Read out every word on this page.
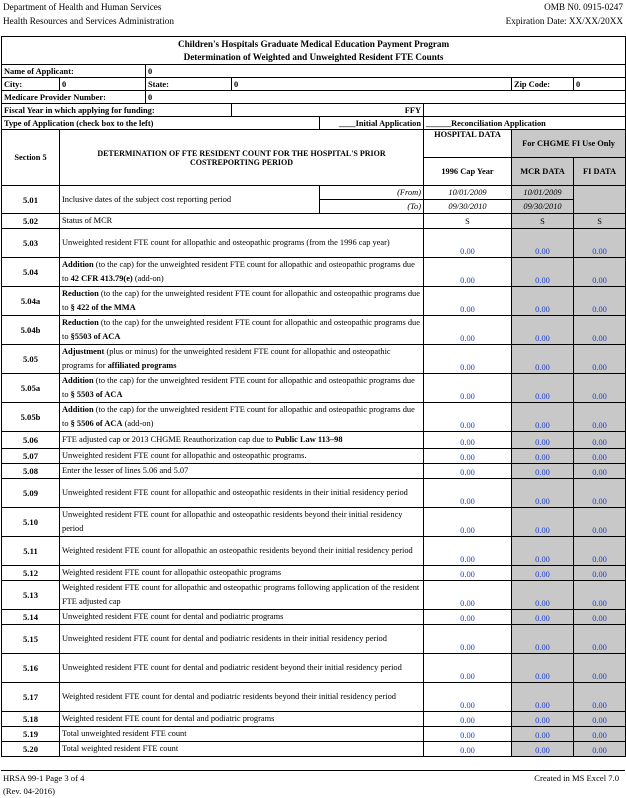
Department of Health and Human Services
Health Resources and Services Administration
OMB N0. 0915-0247
Expiration Date: XX/XX/20XX
Children's Hospitals Graduate Medical Education Payment Program
Determination of Weighted and Unweighted Resident FTE Counts							

Name of Applicant:		0					
City:	0	State:	0			Zip Code:	0
Medicare Provider Number:		0					
Fiscal Year in which applying for funding:			FFY				
Type of Application (check box to the left)				____Initial Application	______Reconciliation Application		
Section 5	DETERMINATION OF FTE RESIDENT COUNT FOR THE HOSPITAL'S PRIOR COSTREPORTING PERIOD				HOSPITAL DATA	For CHGME FI Use Only	
					1996 Cap Year	MCR DATA	FI DATA
5.01	Inclusive dates of the subject cost reporting period			(From)	10/01/2009	10/01/2009	
				(To)	09/30/2010	09/30/2010	
5.02	Status of MCR				S	S	S
5.03	Unweighted resident FTE count for allopathic and osteopathic programs (from the 1996 cap year)				0.00	0.00	0.00
5.04	Addition (to the cap) for the unweighted resident FTE count for allopathic and osteopathic programs due to 42 CFR 413.79(e) (add-on)				0.00	0.00	0.00
5.04a	Reduction (to the cap) for the unweighted resident FTE count for allopathic and osteopathic programs due to § 422 of the MMA				0.00	0.00	0.00
5.04b	Reduction (to the cap) for the unweighted resident FTE count for allopathic and osteopathic programs due to §5503 of ACA				0.00	0.00	0.00
5.05	Adjustment (plus or minus) for the unweighted resident FTE count for allopathic and osteopathic programs for affiliated programs				0.00	0.00	0.00
5.05a	Addition (to the cap) for the unweighted resident FTE count for allopathic and osteopathic programs due to § 5503 of ACA				0.00	0.00	0.00
5.05b	Addition (to the cap) for the unweighted resident FTE count for allopathic and osteopathic programs due to § 5506 of ACA (add-on)				0.00	0.00	0.00
5.06	FTE adjusted cap or 2013 CHGME Reauthorization cap due to Public Law 113–98				0.00	0.00	0.00
5.07	Unweighted resident FTE count for allopathic and osteopathic programs.				0.00	0.00	0.00
5.08	Enter the lesser of lines 5.06 and 5.07				0.00	0.00	0.00
5.09	Unweighted resident FTE count for allopathic and osteopathic residents in their initial residency period				0.00	0.00	0.00
5.10	Unweighted resident FTE count for allopathic and osteopathic residents beyond their initial residency period				0.00	0.00	0.00
5.11	Weighted resident FTE count for allopathic an osteopathic residents beyond their initial residency period				0.00	0.00	0.00
5.12	Weighted resident FTE count for allopathic osteopathic programs				0.00	0.00	0.00
5.13	Weighted resident FTE count for allopathic and osteopathic programs following application of the resident FTE adjusted cap				0.00	0.00	0.00
5.14	Unweighted resident FTE count for dental and podiatric programs				0.00	0.00	0.00
5.15	Unweighted resident FTE count for dental and podiatric residents in their initial residency period				0.00	0.00	0.00
5.16	Unweighted resident FTE count for dental and podiatric resident beyond their initial residency period				0.00	0.00	0.00
5.17	Weighted resident FTE count for dental and podiatric residents beyond their initial residency period				0.00	0.00	0.00
5.18	Weighted resident FTE count for dental and podiatric programs				0.00	0.00	0.00
5.19	Total unweighted resident FTE count				0.00	0.00	0.00
5.20	Total weighted resident FTE count				0.00	0.00	0.00
HRSA 99-1 Page 3 of 4	Created in MS Excel 7.0
(Rev. 04-2016)
